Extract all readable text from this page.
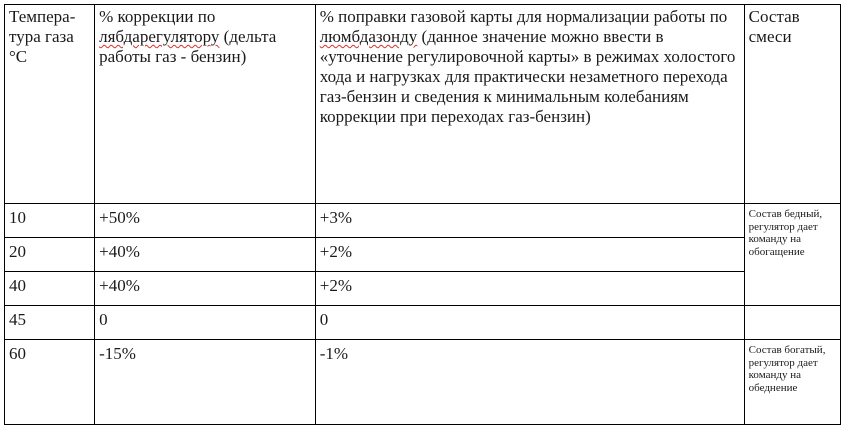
Темпера-тура газа °C	% коррекции по лябдарегулятору (дельта работы газ - бензин)	% поправки газовой карты для нормализации работы по люмбдазонду (данное значение можно ввести в «уточнение регулировочной карты» в режимах холостого хода и нагрузках для практически незаметного перехода газ-бензин и сведения к минимальным колебаниям коррекции при переходах газ-бензин)	Состав смеси
10	+50%	+3%	Состав бедный, регулятор дает команду на обогащение
20	+40%	+2%	
40	+40%	+2%	
45	0	0	
60	-15%	-1%	Состав богатый, регулятор дает команду на обеднение
